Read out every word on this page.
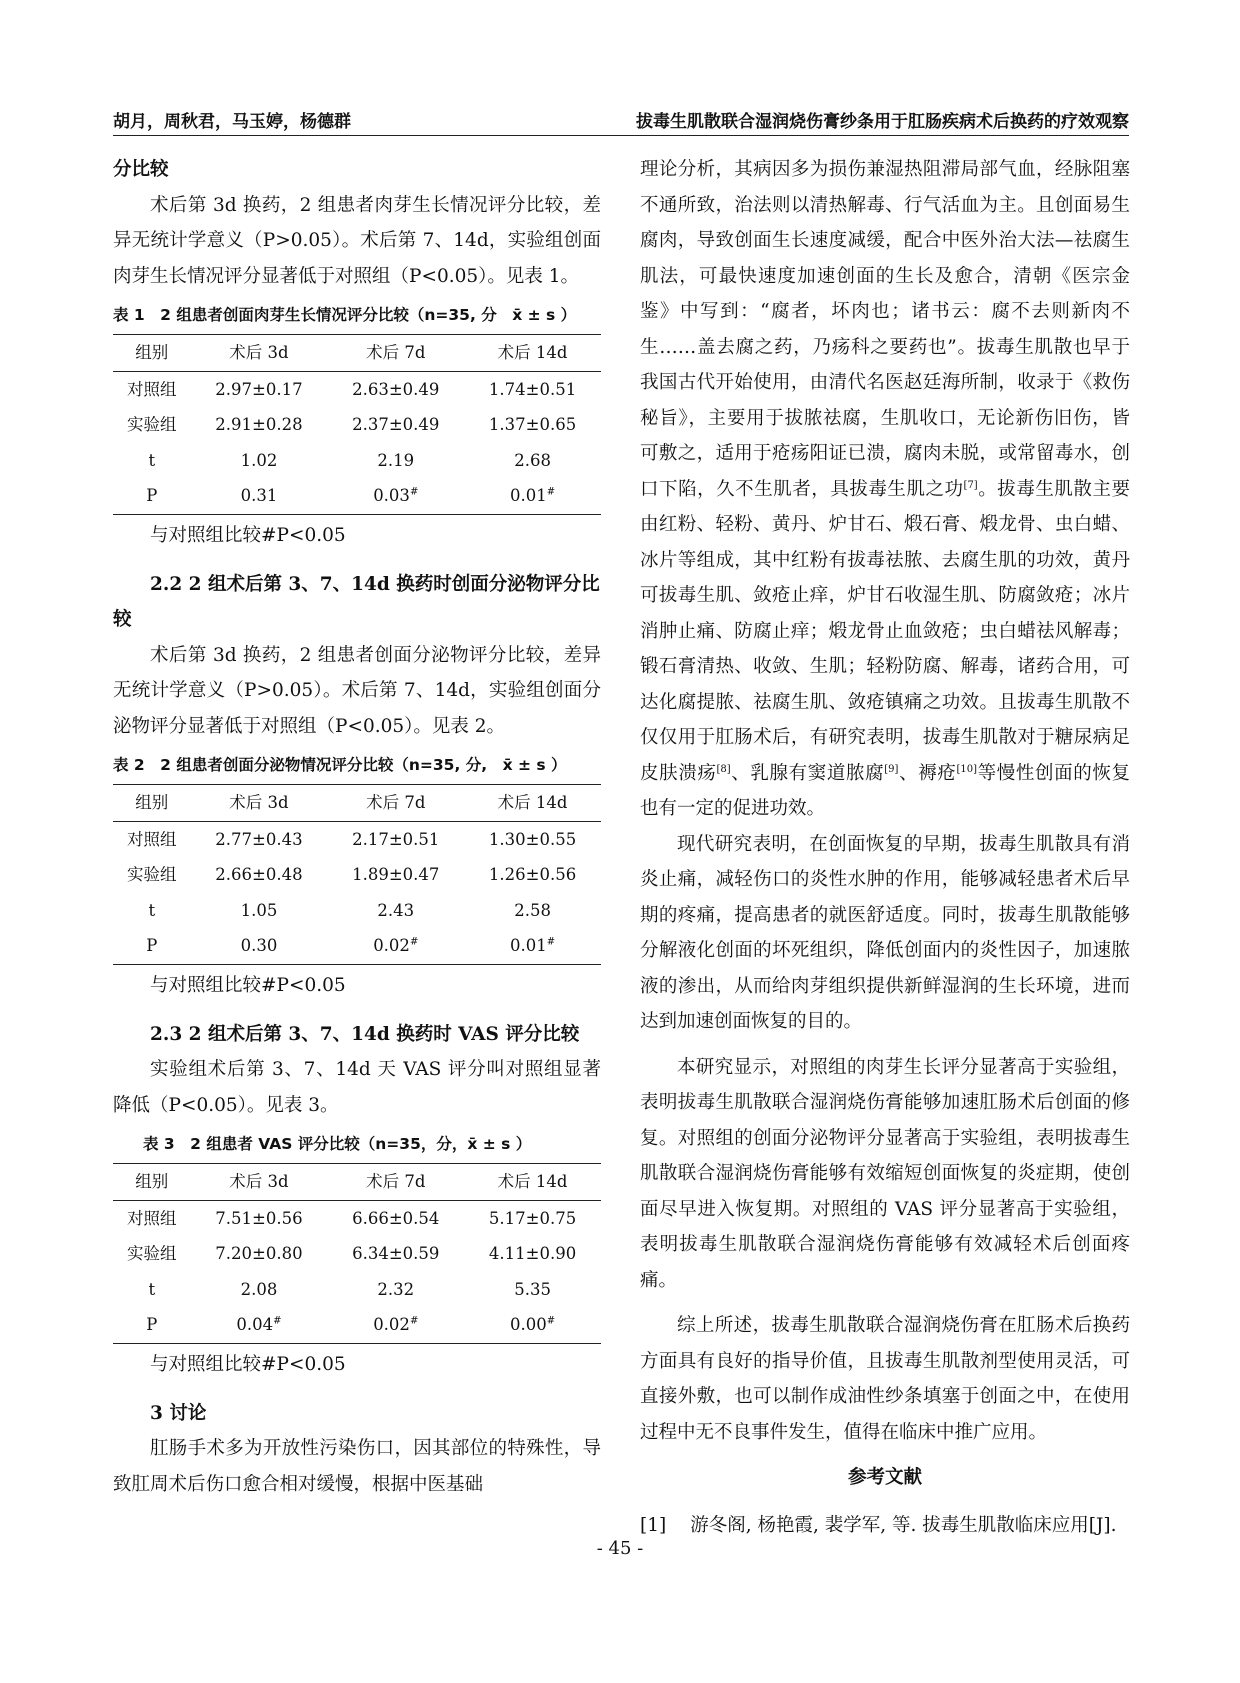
胡月，周秋君，马玉婷，杨德群	拔毒生肌散联合湿润烧伤膏纱条用于肛肠疾病术后换药的疗效观察

分比较

术后第 3d 换药，2 组患者肉芽生长情况评分比较，差异无统计学意义（P>0.05）。术后第 7、14d，实验组创面肉芽生长情况评分显著低于对照组（P<0.05）。见表 1。

表 1　2 组患者创面肉芽生长情况评分比较（n=35, 分　x̄ ± s ）
组别	术后 3d	术后 7d	术后 14d
对照组	2.97±0.17	2.63±0.49	1.74±0.51
实验组	2.91±0.28	2.37±0.49	1.37±0.65
t	1.02	2.19	2.68
P	0.31	0.03#	0.01#

与对照组比较#P<0.05

2.2 2 组术后第 3、7、14d 换药时创面分泌物评分比较

术后第 3d 换药，2 组患者创面分泌物评分比较，差异无统计学意义（P>0.05）。术后第 7、14d，实验组创面分泌物评分显著低于对照组（P<0.05）。见表 2。

表 2　2 组患者创面分泌物情况评分比较（n=35, 分,　x̄ ± s ）
组别	术后 3d	术后 7d	术后 14d
对照组	2.77±0.43	2.17±0.51	1.30±0.55
实验组	2.66±0.48	1.89±0.47	1.26±0.56
t	1.05	2.43	2.58
P	0.30	0.02#	0.01#

与对照组比较#P<0.05

2.3 2 组术后第 3、7、14d 换药时 VAS 评分比较

实验组术后第 3、7、14d 天 VAS 评分叫对照组显著降低（P<0.05）。见表 3。

表 3　2 组患者 VAS 评分比较（n=35，分，x̄ ± s ）
组别	术后 3d	术后 7d	术后 14d
对照组	7.51±0.56	6.66±0.54	5.17±0.75
实验组	7.20±0.80	6.34±0.59	4.11±0.90
t	2.08	2.32	5.35
P	0.04#	0.02#	0.00#

与对照组比较#P<0.05

3 讨论

肛肠手术多为开放性污染伤口，因其部位的特殊性，导致肛周术后伤口愈合相对缓慢，根据中医基础

理论分析，其病因多为损伤兼湿热阻滞局部气血，经脉阻塞不通所致，治法则以清热解毒、行气活血为主。且创面易生腐肉，导致创面生长速度减缓，配合中医外治大法—祛腐生肌法，可最快速度加速创面的生长及愈合，清朝《医宗金鉴》中写到：“腐者，坏肉也；诸书云：腐不去则新肉不生……盖去腐之药，乃疡科之要药也”。拔毒生肌散也早于我国古代开始使用，由清代名医赵廷海所制，收录于《救伤秘旨》，主要用于拔脓祛腐，生肌收口，无论新伤旧伤，皆可敷之，适用于疮疡阳证已溃，腐肉未脱，或常留毒水，创口下陷，久不生肌者，具拔毒生肌之功[7]。拔毒生肌散主要由红粉、轻粉、黄丹、炉甘石、煅石膏、煅龙骨、虫白蜡、冰片等组成，其中红粉有拔毒祛脓、去腐生肌的功效，黄丹可拔毒生肌、敛疮止痒，炉甘石收湿生肌、防腐敛疮；冰片消肿止痛、防腐止痒；煅龙骨止血敛疮；虫白蜡祛风解毒；锻石膏清热、收敛、生肌；轻粉防腐、解毒，诸药合用，可达化腐提脓、祛腐生肌、敛疮镇痛之功效。且拔毒生肌散不仅仅用于肛肠术后，有研究表明，拔毒生肌散对于糖尿病足皮肤溃疡[8]、乳腺有窦道脓腐[9]、褥疮[10]等慢性创面的恢复也有一定的促进功效。

现代研究表明，在创面恢复的早期，拔毒生肌散具有消炎止痛，减轻伤口的炎性水肿的作用，能够减轻患者术后早期的疼痛，提高患者的就医舒适度。同时，拔毒生肌散能够分解液化创面的坏死组织，降低创面内的炎性因子，加速脓液的渗出，从而给肉芽组织提供新鲜湿润的生长环境，进而达到加速创面恢复的目的。

本研究显示，对照组的肉芽生长评分显著高于实验组，表明拔毒生肌散联合湿润烧伤膏能够加速肛肠术后创面的修复。对照组的创面分泌物评分显著高于实验组，表明拔毒生肌散联合湿润烧伤膏能够有效缩短创面恢复的炎症期，使创面尽早进入恢复期。对照组的 VAS 评分显著高于实验组，表明拔毒生肌散联合湿润烧伤膏能够有效减轻术后创面疼痛。

综上所述，拔毒生肌散联合湿润烧伤膏在肛肠术后换药方面具有良好的指导价值，且拔毒生肌散剂型使用灵活，可直接外敷，也可以制作成油性纱条填塞于创面之中，在使用过程中无不良事件发生，值得在临床中推广应用。

参考文献

[1] 游冬阁, 杨艳霞, 裴学军, 等. 拔毒生肌散临床应用[J].
- 45 -
